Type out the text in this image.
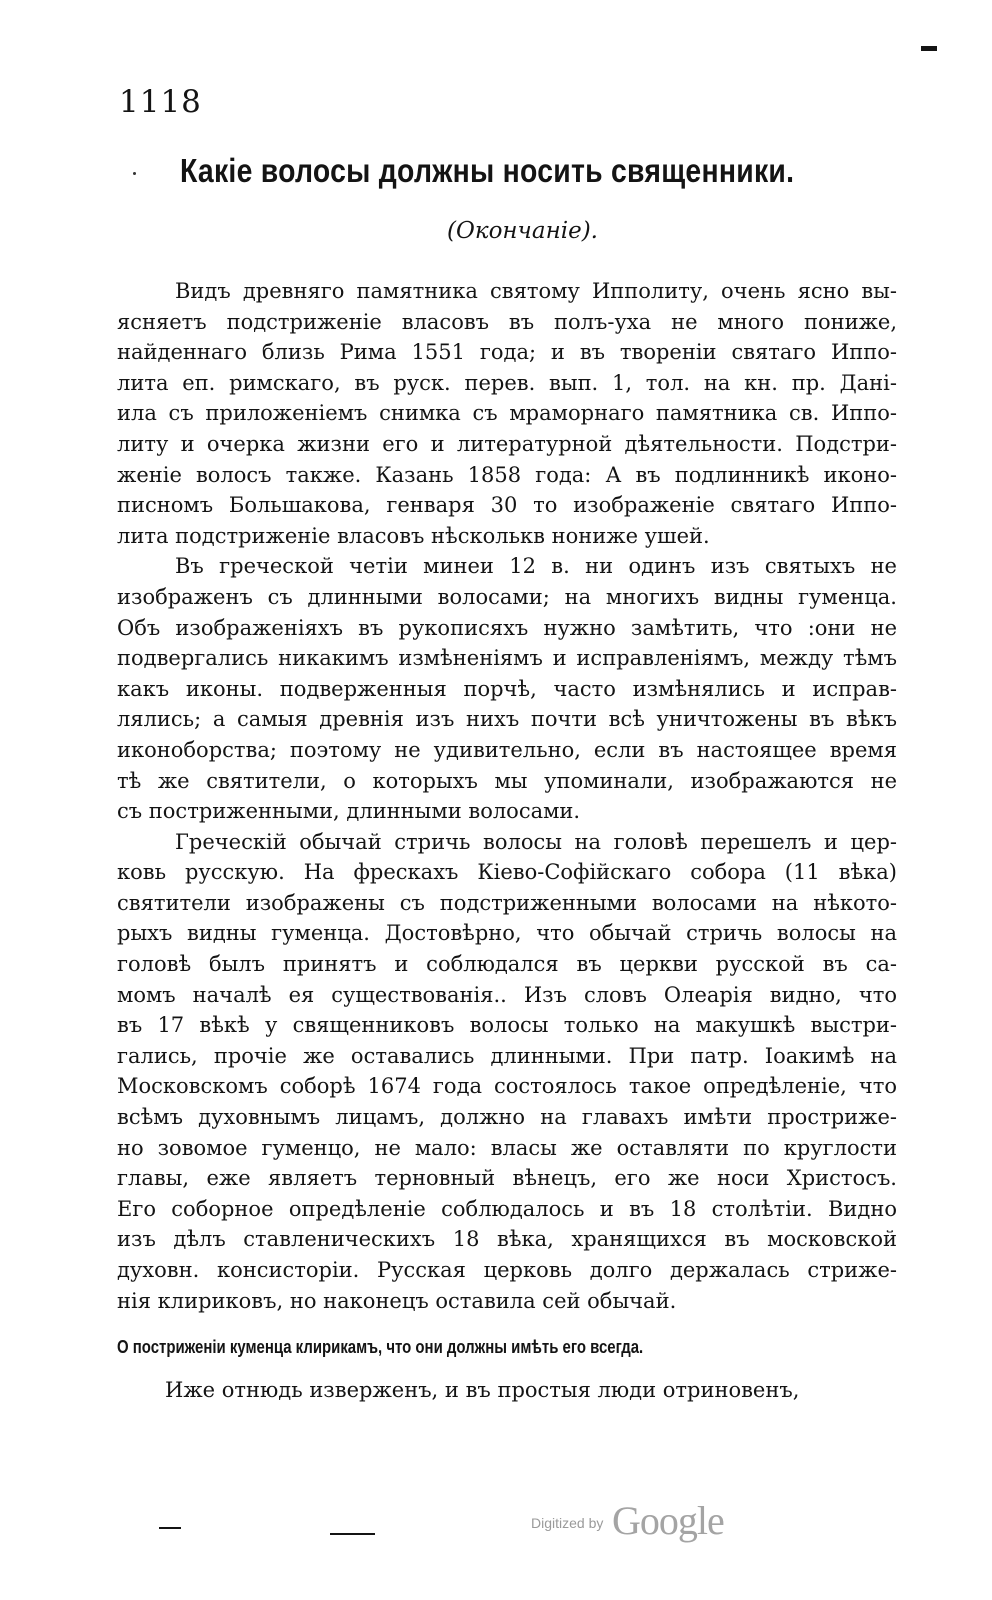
1118
Какіе волосы должны носить священники.
(Окончаніе).
Видъ древняго памятника святому Ипполиту, очень ясно вы-
ясняетъ подстриженіе власовъ въ полъ-уха не много пониже,
найденнаго близь Рима 1551 года; и въ твореніи святаго Иппо-
лита еп. римскаго, въ руск. перев. вып. 1, тол. на кн. пр. Дані-
ила съ приложеніемъ снимка съ мраморнаго памятника св. Иппо-
литу и очерка жизни его и литературной дѣятельности. Подстри-
женіе волосъ также. Казань 1858 года: А въ подлинникѣ иконо-
писномъ Большакова, генваря 30 то изображеніе святаго Иппо-
лита подстриженіе власовъ нѣсколькв нониже ушей.
Въ греческой четіи минеи 12 в. ни одинъ изъ святыхъ не
изображенъ съ длинными волосами; на многихъ видны гуменца.
Объ изображеніяхъ въ рукописяхъ нужно замѣтить, что :они не
подвергались никакимъ измѣненіямъ и исправленіямъ, между тѣмъ
какъ иконы. подверженныя порчѣ, часто измѣнялись и исправ-
лялись; а самыя древнія изъ нихъ почти всѣ уничтожены въ вѣкъ
иконоборства; поэтому не удивительно, если въ настоящее время
тѣ же святители, о которыхъ мы упоминали, изображаются не
съ постриженными, длинными волосами.
Греческій обычай стричь волосы на головѣ перешелъ и цер-
ковь русскую. На фрескахъ Кіево-Софійскаго собора (11 вѣка)
святители изображены съ подстриженными волосами на нѣкото-
рыхъ видны гуменца. Достовѣрно, что обычай стричь волосы на
головѣ былъ принятъ и соблюдался въ церкви русской въ са-
момъ началѣ ея существованія.. Изъ словъ Олеарія видно, что
въ 17 вѣкѣ у священниковъ волосы только на макушкѣ выстри-
гались, прочіе же оставались длинными. При патр. Іоакимѣ на
Московскомъ соборѣ 1674 года состоялось такое опредѣленіе, что
всѣмъ духовнымъ лицамъ, должно на главахъ имѣти простриже-
но зовомое гуменцо, не мало: власы же оставляти по круглости
главы, еже являетъ терновный вѣнецъ, его же носи Христосъ.
Его соборное опредѣленіе соблюдалось и въ 18 столѣтіи. Видно
изъ дѣлъ ставленическихъ 18 вѣка, хранящихся въ московской
духовн. консисторіи. Русская церковь долго держалась стриже-
нія клириковъ, но наконецъ оставила сей обычай.
О постриженіи куменца клирикамъ, что они должны имѣть его всегда.
Иже отнюдь изверженъ, и въ простыя люди отриновенъ,
Digitized by Google
